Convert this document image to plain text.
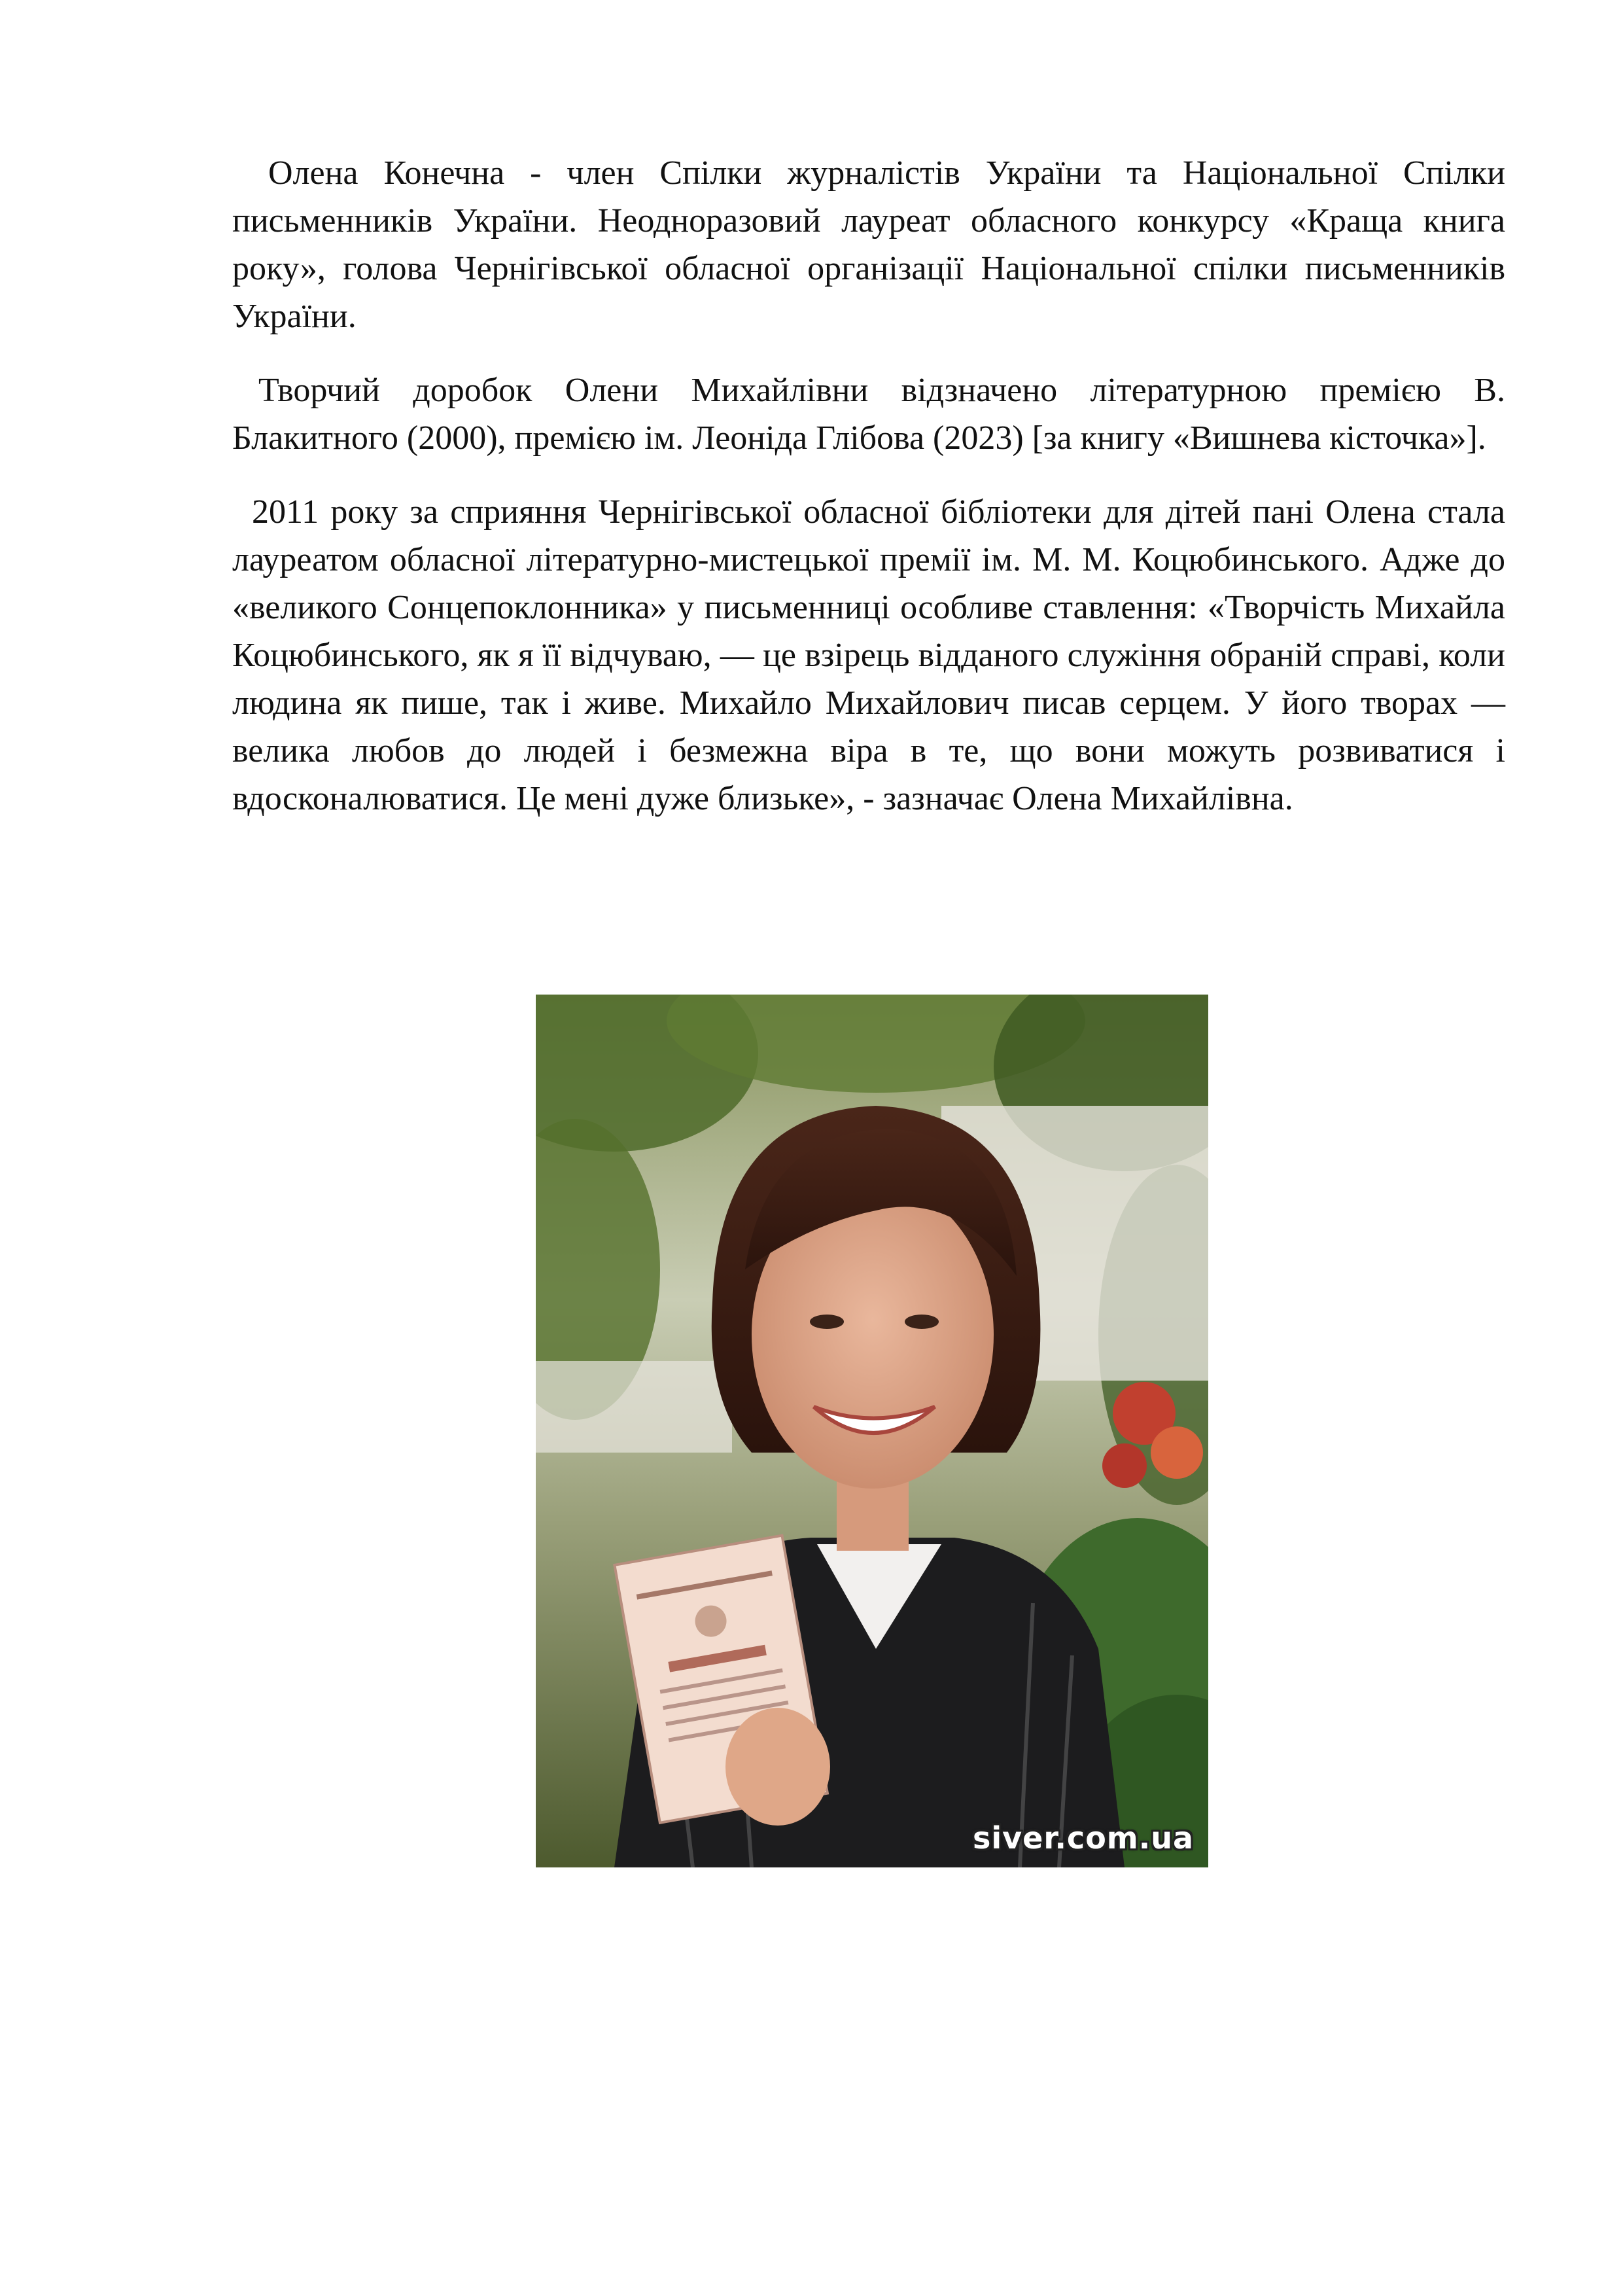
Олена Конечна - член Спілки журналістів України та Національної Спілки письменників України. Неодноразовий лауреат обласного конкурсу «Краща книга року», голова Чернігівської обласної організації Національної спілки письменників України.

Творчий доробок Олени Михайлівни відзначено літературною премією В. Блакитного (2000), премією ім. Леоніда Глібова (2023) [за книгу «Вишнева кісточка»].

2011 року за сприяння Чернігівської обласної бібліотеки для дітей пані Олена стала лауреатом обласної літературно-мистецької премії ім. М. М. Коцюбинського. Адже до «великого Сонцепоклонника» у письменниці особливе ставлення: «Творчість Михайла Коцюбинського, як я її відчуваю, — це взірець відданого служіння обраній справі, коли людина як пише, так і живе. Михайло Михайлович писав серцем. У його творах — велика любов до людей і безмежна віра в те, що вони можуть розвиватися і вдосконалюватися. Це мені дуже близьке», - зазначає Олена Михайлівна.

siver.com.ua
